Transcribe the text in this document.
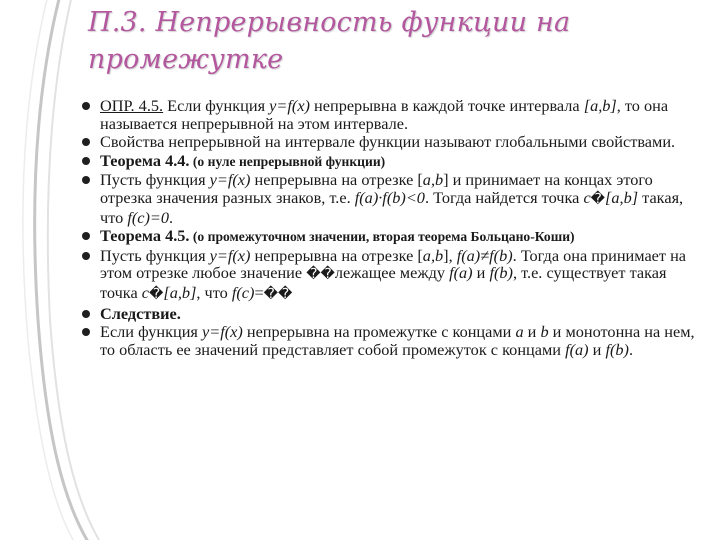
П.3. Непрерывность функции на
промежутке
ОПР. 4.5. Если функция y=f(x) непрерывна в каждой точке интервала [a,b], то она называется непрерывной на этом интервале.
Свойства непрерывной на интервале функции называют глобальными свойствами.
Теорема 4.4. (о нуле непрерывной функции)
Пусть функция y=f(x) непрерывна на отрезке [a,b] и принимает на концах этого отрезка значения разных знаков, т.е. f(a)·f(b)<0. Тогда найдется точка c�[a,b] такая, что f(c)=0.
Теорема 4.5. (о промежуточном значении, вторая теорема Больцано-Коши)
Пусть функция y=f(x) непрерывна на отрезке [a,b], f(a)≠f(b). Тогда она принимает на этом отрезке любое значение ��лежащее между f(a) и f(b), т.е. существует такая точка c�[a,b], что f(c)=��
Следствие.
Если функция y=f(x) непрерывна на промежутке с концами a и b и монотонна на нем, то область ее значений представляет собой промежуток с концами f(a) и f(b).
